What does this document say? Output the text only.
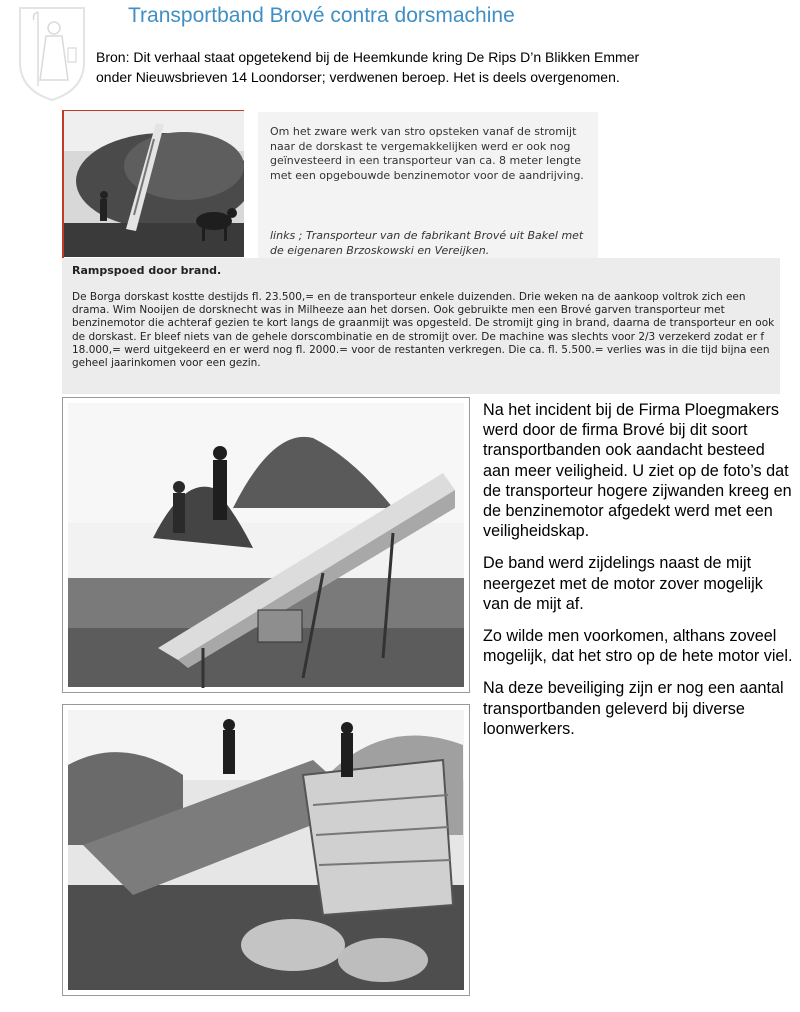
Transportband Brové contra dorsmachine
Bron: Dit verhaal staat opgetekend bij de Heemkunde kring De Rips D’n Blikken Emmer onder Nieuwsbrieven 14 Loondorser; verdwenen beroep. Het is deels overgenomen.
Om het zware werk van stro opsteken vanaf de stromijt naar de dorskast te vergemakkelijken werd er ook nog geïnvesteerd in een transporteur van ca. 8 meter lengte met een opgebouwde benzinemotor voor de aandrijving.
links ; Transporteur van de fabrikant Brové uit Bakel met de eigenaren Brzoskowski en Vereijken.
Rampspoed door brand.
De Borga dorskast kostte destijds fl. 23.500,= en de transporteur enkele duizenden. Drie weken na de aankoop voltrok zich een drama. Wim Nooijen de dorsknecht was in Milheeze aan het dorsen. Ook gebruikte men een Brové garven transporteur met benzinemotor die achteraf gezien te kort langs de graanmijt was opgesteld. De stromijt ging in brand, daarna de transporteur en ook de dorskast. Er bleef niets van de gehele dorscombinatie en de stromijt over. De machine was slechts voor 2/3 verzekerd zodat er f 18.000,= werd uitgekeerd en er werd nog fl. 2000.= voor de restanten verkregen. Die ca. fl. 5.500.= verlies was in die tijd bijna een geheel jaarinkomen voor een gezin.

Na het incident bij de Firma Ploegmakers werd door de firma Brové bij dit soort transportbanden ook aandacht besteed aan meer veiligheid. U ziet op de foto’s dat de transporteur hogere zijwanden kreeg en de benzinemotor afgedekt werd met een veiligheidskap.

De band werd zijdelings naast de mijt neergezet met de motor zover mogelijk van de mijt af.

Zo wilde men voorkomen, althans zoveel mogelijk, dat het stro op de hete motor viel.

Na deze beveiliging zijn er nog een aantal transportbanden geleverd bij diverse loonwerkers.
